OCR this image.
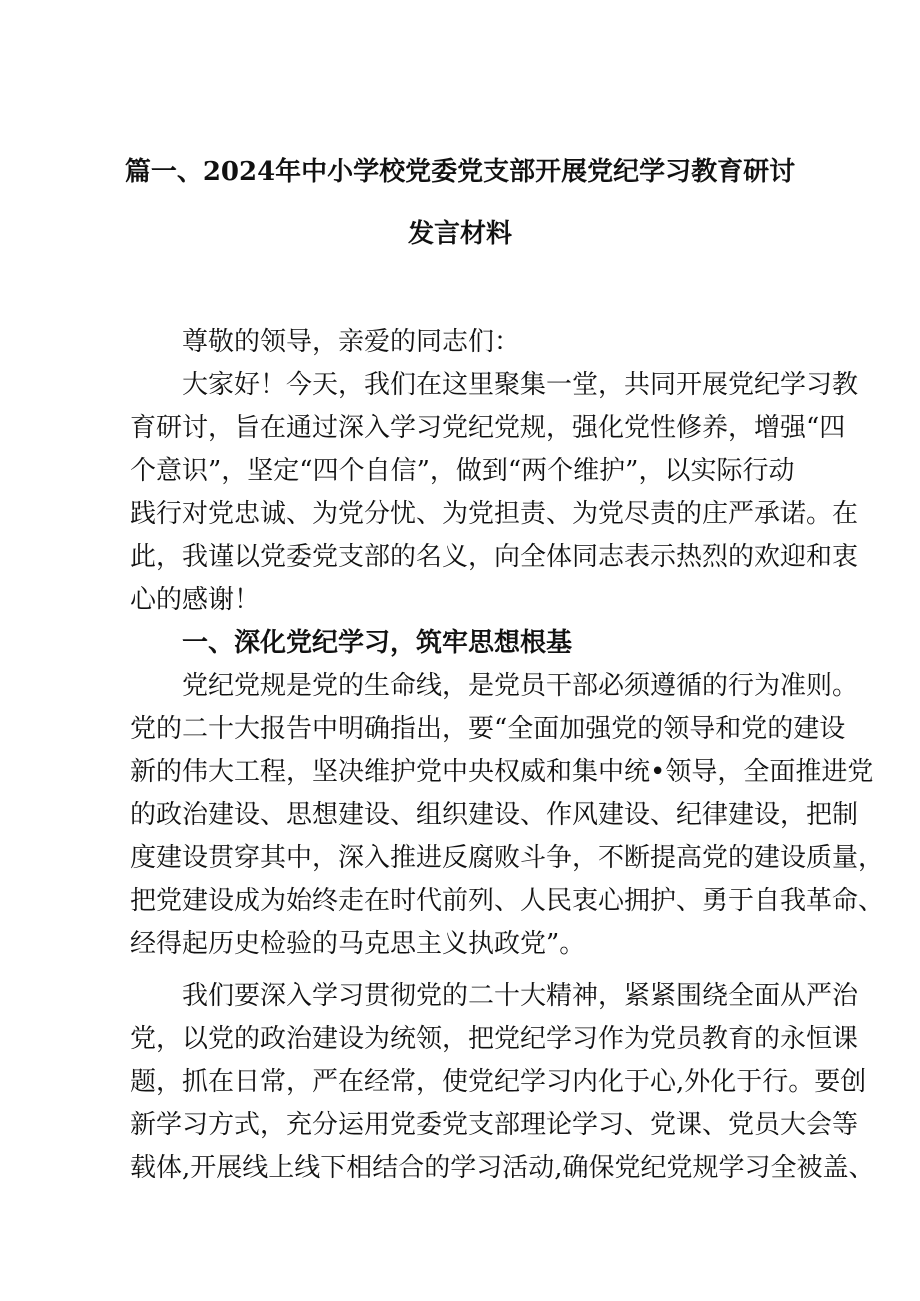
篇一、2024年中小学校党委党支部开展党纪学习教育研讨
发言材料
尊敬的领导，亲爱的同志们：
大家好！今天，我们在这里聚集一堂，共同开展党纪学习教
育研讨，旨在通过深入学习党纪党规，强化党性修养，增强“四
个意识”，坚定“四个自信”，做到“两个维护”，以实际行动
践行对党忠诚、为党分忧、为党担责、为党尽责的庄严承诺。在
此，我谨以党委党支部的名义，向全体同志表示热烈的欢迎和衷
心的感谢！
一、深化党纪学习，筑牢思想根基
党纪党规是党的生命线，是党员干部必须遵循的行为准则。
党的二十大报告中明确指出，要“全面加强党的领导和党的建设
新的伟大工程，坚决维护党中央权威和集中统•领导，全面推进党
的政治建设、思想建设、组织建设、作风建设、纪律建设，把制
度建设贯穿其中，深入推进反腐败斗争，不断提高党的建设质量，
把党建设成为始终走在时代前列、人民衷心拥护、勇于自我革命、
经得起历史检验的马克思主义执政党”。
我们要深入学习贯彻党的二十大精神，紧紧围绕全面从严治
党，以党的政治建设为统领，把党纪学习作为党员教育的永恒课
题，抓在日常，严在经常，使党纪学习内化于心,外化于行。要创
新学习方式，充分运用党委党支部理论学习、党课、党员大会等
载体,开展线上线下相结合的学习活动,确保党纪党规学习全被盖、
